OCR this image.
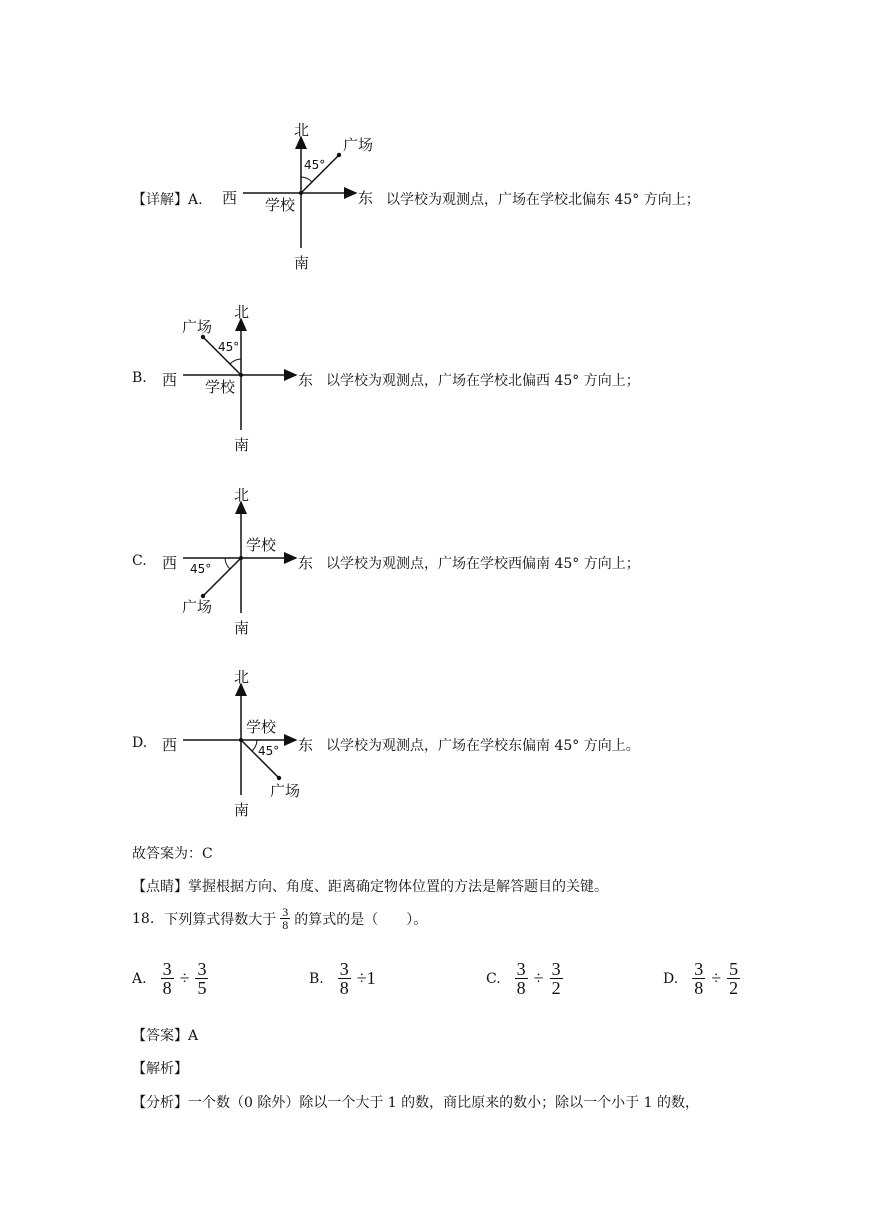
【详解】A.
北
广场
45°
西	东
学校
南
以学校为观测点，广场在学校北偏东 45° 方向上；
B.
北
广场
45°
西	东
学校
南
以学校为观测点，广场在学校北偏西 45° 方向上；
C.
北
学校
45°
西	东
广场
南
以学校为观测点，广场在学校西偏南 45° 方向上；
D.
北
学校
45°
西	东
广场
南
以学校为观测点，广场在学校东偏南 45° 方向上。
故答案为：C
【点睛】掌握根据方向、角度、距离确定物体位置的方法是解答题目的关键。
18. 下列算式得数大于 $\frac{3}{8}$ 的算式的是（　　）。
A. $\frac{3}{8} \div \frac{3}{5}$	B. $\frac{3}{8} \div 1$	C. $\frac{3}{8} \div \frac{3}{2}$	D. $\frac{3}{8} \div \frac{5}{2}$
【答案】A
【解析】
【分析】一个数（0 除外）除以一个大于 1 的数，商比原来的数小；除以一个小于 1 的数，
